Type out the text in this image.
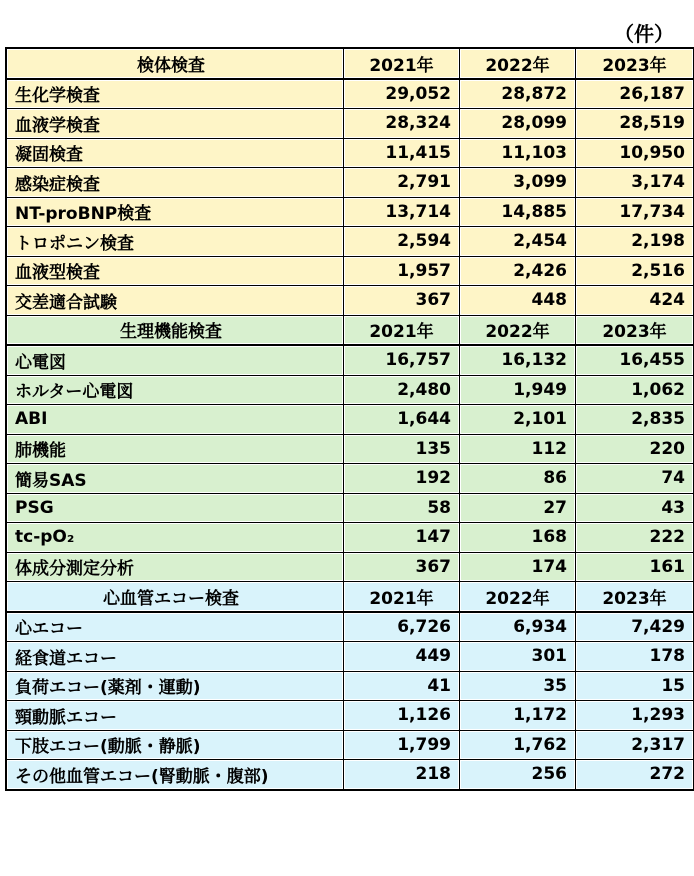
（件）
検体検査	2021年	2022年	2023年
生化学検査	29,052	28,872	26,187
血液学検査	28,324	28,099	28,519
凝固検査	11,415	11,103	10,950
感染症検査	2,791	3,099	3,174
NT-proBNP検査	13,714	14,885	17,734
トロポニン検査	2,594	2,454	2,198
血液型検査	1,957	2,426	2,516
交差適合試験	367	448	424
生理機能検査	2021年	2022年	2023年
心電図	16,757	16,132	16,455
ホルター心電図	2,480	1,949	1,062
ABI	1,644	2,101	2,835
肺機能	135	112	220
簡易SAS	192	86	74
PSG	58	27	43
tc-pO₂	147	168	222
体成分測定分析	367	174	161
心血管エコー検査	2021年	2022年	2023年
心エコー	6,726	6,934	7,429
経食道エコー	449	301	178
負荷エコー(薬剤・運動)	41	35	15
頸動脈エコー	1,126	1,172	1,293
下肢エコー(動脈・静脈)	1,799	1,762	2,317
その他血管エコー(腎動脈・腹部)	218	256	272
